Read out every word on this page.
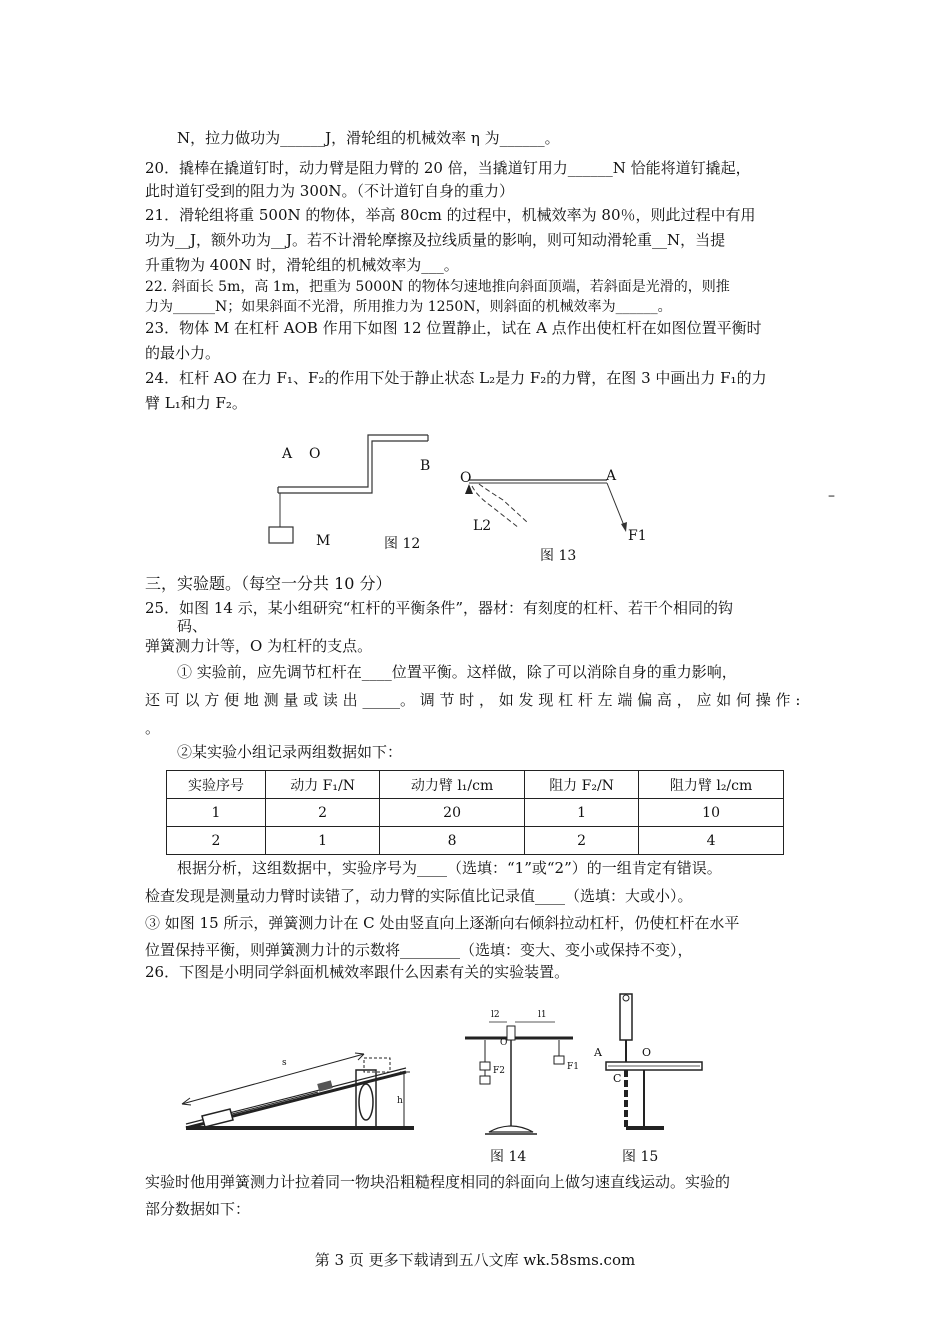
N，拉力做功为______J，滑轮组的机械效率 η 为______。
20．撬棒在撬道钉时，动力臂是阻力臂的 20 倍，当撬道钉用力______N 恰能将道钉撬起，
此时道钉受到的阻力为 300N。（不计道钉自身的重力）
21．滑轮组将重 500N 的物体，举高 80cm 的过程中，机械效率为 80％，则此过程中有用
功为__J，额外功为__J。若不计滑轮摩擦及拉线质量的影响，则可知动滑轮重__N，当提
升重物为 400N 时，滑轮组的机械效率为___。
22. 斜面长 5m，高 1m，把重为 5000N 的物体匀速地推向斜面顶端，若斜面是光滑的，则推
力为______N；如果斜面不光滑，所用推力为 1250N，则斜面的机械效率为______。
23．物体 M 在杠杆 AOB 作用下如图 12 位置静止，试在 A 点作出使杠杆在如图位置平衡时
的最小力。
24．杠杆 AO 在力 F₁、F₂的作用下处于静止状态 L₂是力 F₂的力臂，在图 3 中画出力 F₁的力
臂 L₁和力 F₂。
A O
B
M	图 12
O	A
L2
F1
图 13
–
三，实验题。（每空一分共 10 分）
25．如图 14 示，某小组研究“杠杆的平衡条件”，器材：有刻度的杠杆、若干个相同的钩
码、
弹簧测力计等，O 为杠杆的支点。
① 实验前，应先调节杠杆在____位置平衡。这样做，除了可以消除自身的重力影响，
还 可 以 方 便 地 测 量 或 读 出 _____。 调 节 时 ， 如 发 现 杠 杆 左 端 偏 高 ， 应 如 何 操 作 :
。
②某实验小组记录两组数据如下：
实验序号	动力 F₁/N	动力臂 l₁/cm	阻力 F₂/N	阻力臂 l₂/cm
1	2	20	1	10
2	1	8	2	4
根据分析，这组数据中，实验序号为____（选填：“1”或“2”）的一组肯定有错误。
检查发现是测量动力臂时读错了，动力臂的实际值比记录值____（选填：大或小）。
③ 如图 15 所示，弹簧测力计在 C 处由竖直向上逐渐向右倾斜拉动杠杆，仍使杠杆在水平
位置保持平衡，则弹簧测力计的示数将________（选填：变大、变小或保持不变），
26．下图是小明同学斜面机械效率跟什么因素有关的实验装置。
s
h
l2	l1
O
F2	F1
图 14
A	O
C
图 15
实验时他用弹簧测力计拉着同一物块沿粗糙程度相同的斜面向上做匀速直线运动。实验的
部分数据如下：
第 3 页 更多下载请到五八文库 wk.58sms.com
